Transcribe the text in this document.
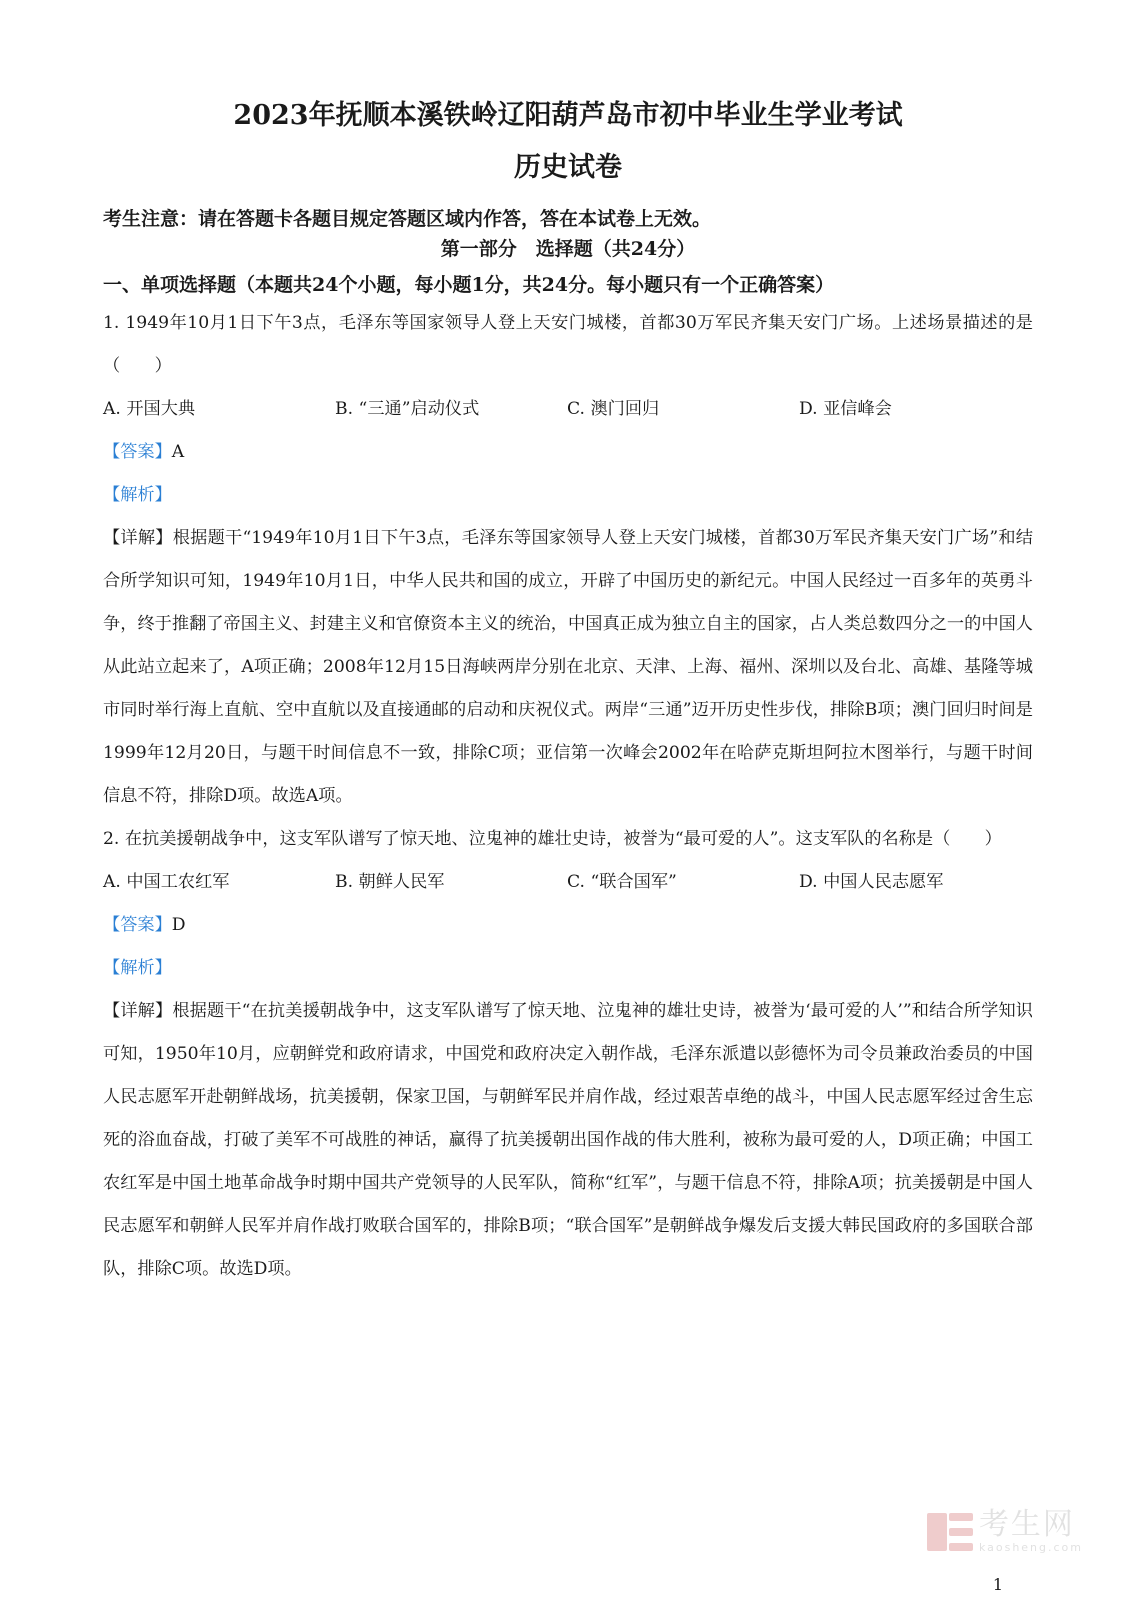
2023年抚顺本溪铁岭辽阳葫芦岛市初中毕业生学业考试
历史试卷
考生注意：请在答题卡各题目规定答题区域内作答，答在本试卷上无效。
第一部分　选择题（共24分）
一、单项选择题（本题共24个小题，每小题1分，共24分。每小题只有一个正确答案）
1. 1949年10月1日下午3点，毛泽东等国家领导人登上天安门城楼，首都30万军民齐集天安门广场。上述场景描述的是（　　）
A. 开国大典	B. “三通”启动仪式	C. 澳门回归	D. 亚信峰会
【答案】A
【解析】
【详解】根据题干“1949年10月1日下午3点，毛泽东等国家领导人登上天安门城楼，首都30万军民齐集天安门广场”和结合所学知识可知，1949年10月1日，中华人民共和国的成立，开辟了中国历史的新纪元。中国人民经过一百多年的英勇斗争，终于推翻了帝国主义、封建主义和官僚资本主义的统治，中国真正成为独立自主的国家，占人类总数四分之一的中国人从此站立起来了，A项正确；2008年12月15日海峡两岸分别在北京、天津、上海、福州、深圳以及台北、高雄、基隆等城市同时举行海上直航、空中直航以及直接通邮的启动和庆祝仪式。两岸“三通”迈开历史性步伐，排除B项；澳门回归时间是1999年12月20日，与题干时间信息不一致，排除C项；亚信第一次峰会2002年在哈萨克斯坦阿拉木图举行，与题干时间信息不符，排除D项。故选A项。
2. 在抗美援朝战争中，这支军队谱写了惊天地、泣鬼神的雄壮史诗，被誉为“最可爱的人”。这支军队的名称是（　　）
A. 中国工农红军	B. 朝鲜人民军	C. “联合国军”	D. 中国人民志愿军
【答案】D
【解析】
【详解】根据题干“在抗美援朝战争中，这支军队谱写了惊天地、泣鬼神的雄壮史诗，被誉为‘最可爱的人’”和结合所学知识可知，1950年10月，应朝鲜党和政府请求，中国党和政府决定入朝作战，毛泽东派遣以彭德怀为司令员兼政治委员的中国人民志愿军开赴朝鲜战场，抗美援朝，保家卫国，与朝鲜军民并肩作战，经过艰苦卓绝的战斗，中国人民志愿军经过舍生忘死的浴血奋战，打破了美军不可战胜的神话，赢得了抗美援朝出国作战的伟大胜利，被称为最可爱的人，D项正确；中国工农红军是中国土地革命战争时期中国共产党领导的人民军队，简称“红军”，与题干信息不符，排除A项；抗美援朝是中国人民志愿军和朝鲜人民军并肩作战打败联合国军的，排除B项；“联合国军”是朝鲜战争爆发后支援大韩民国政府的多国联合部队，排除C项。故选D项。
考生网
kaosheng.com
1
